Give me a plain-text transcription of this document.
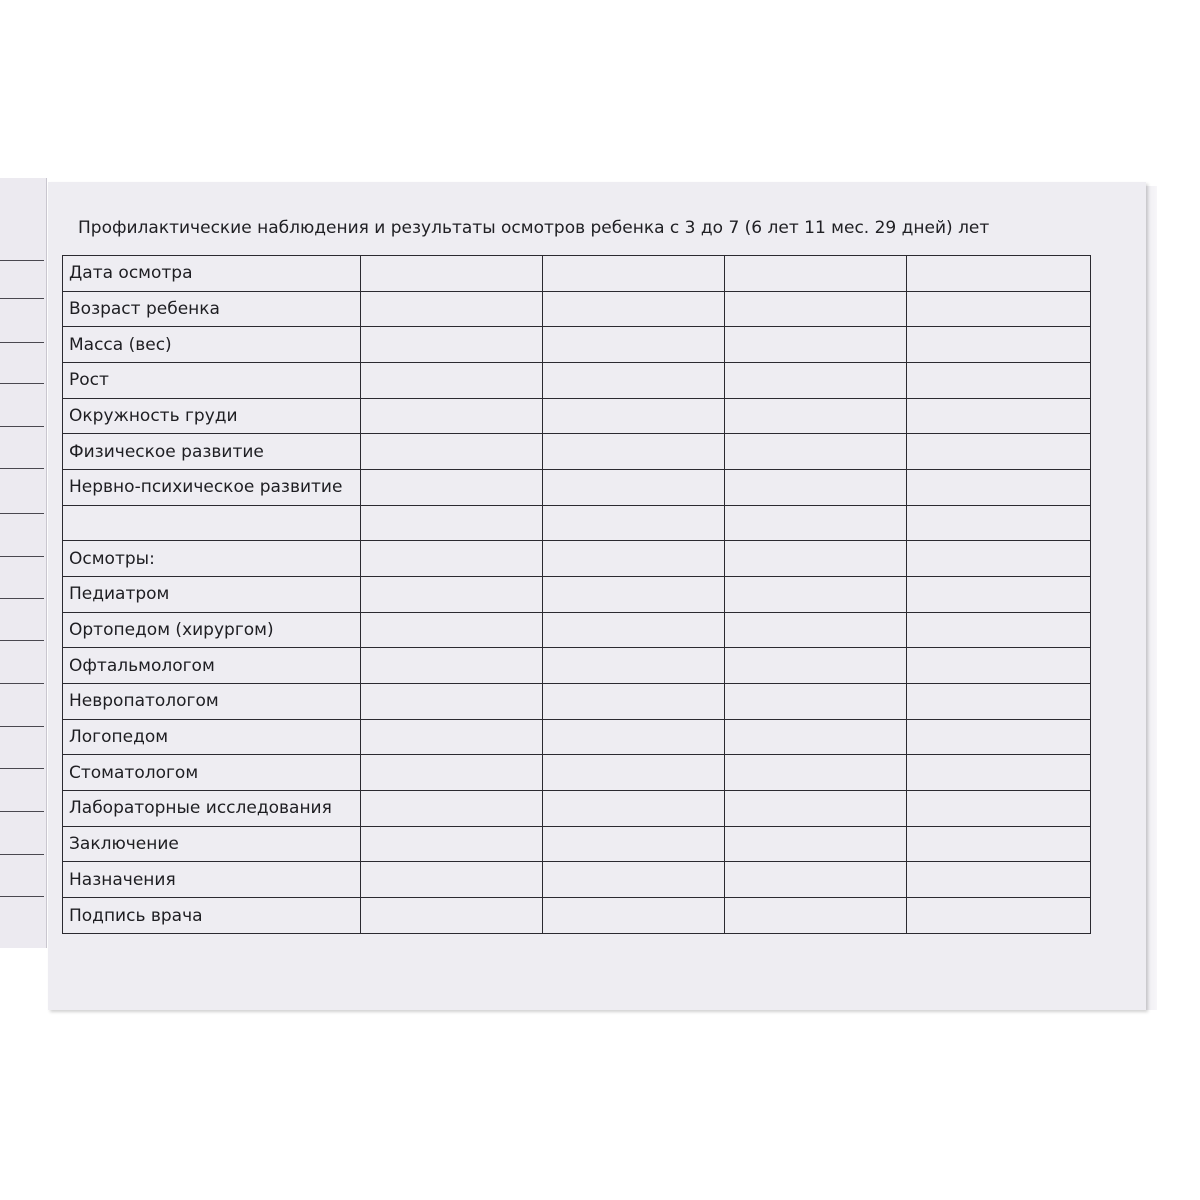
Профилактические наблюдения и результаты осмотров ребенка с 3 до 7 (6 лет 11 мес. 29 дней) лет
Дата осмотра				
Возраст ребенка				
Масса (вес)				
Рост				
Окружность груди				
Физическое развитие				
Нервно-психическое развитие				

Осмотры:				
Педиатром				
Ортопедом (хирургом)				
Офтальмологом				
Невропатологом				
Логопедом				
Стоматологом				
Лабораторные исследования				
Заключение				
Назначения				
Подпись врача				
